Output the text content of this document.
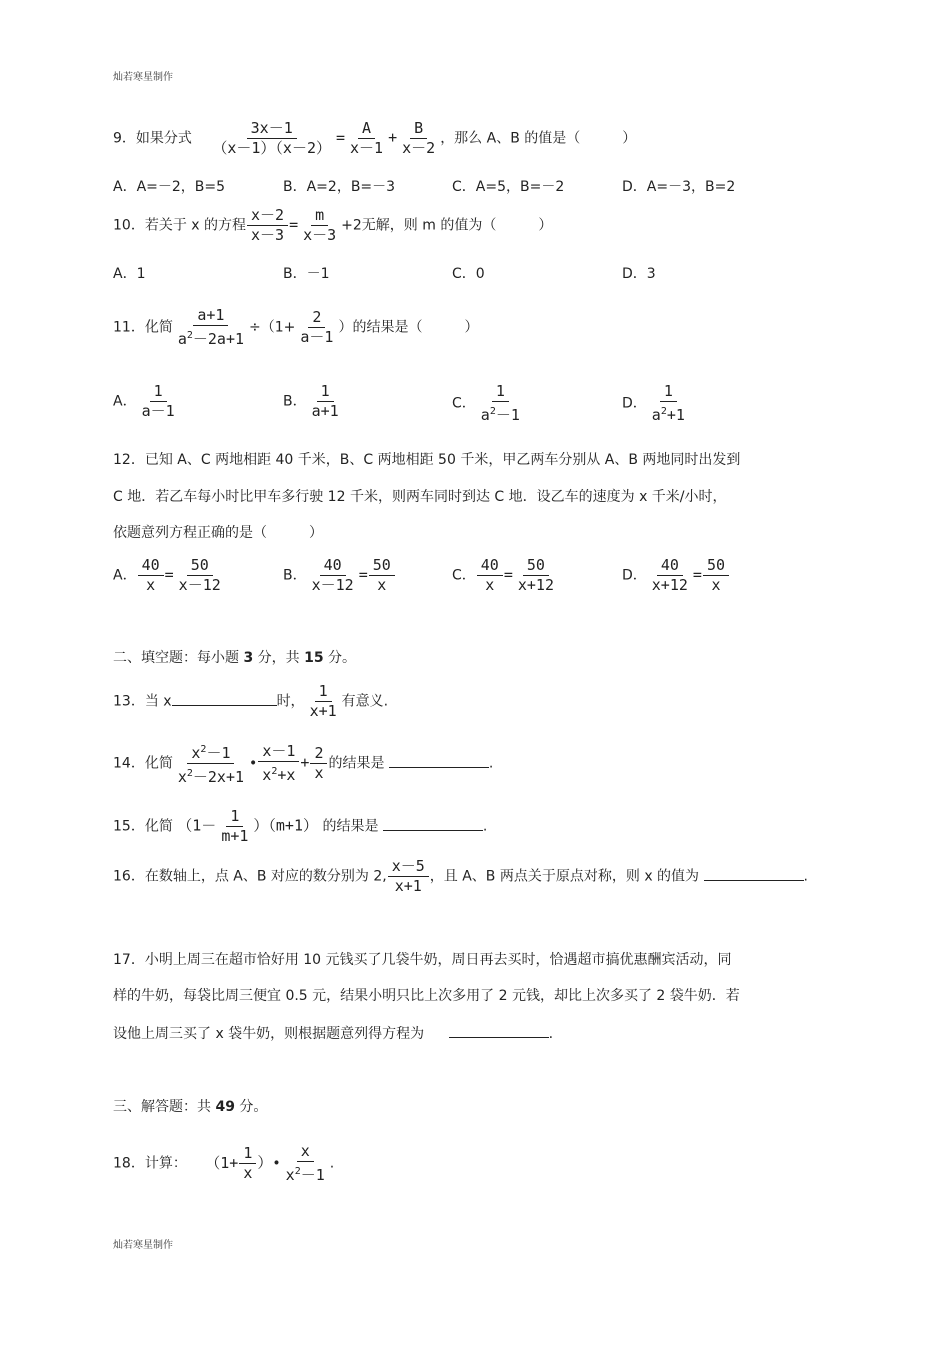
灿若寒星制作
9．如果分式 $\frac{3x-1}{(x-1)(x-2)} = \frac{A}{x-1} + \frac{B}{x-2}$ ，那么 A、B 的值是（　　　）
A．A=－2，B=5	B．A=2，B=－3	C．A=5，B=－2	D．A=－3，B=2
10．若关于 x 的方程 $\frac{x-2}{x-3} = \frac{m}{x-3} +2$无解，则 m 的值为（　　　）
A．1	B．－1	C．0	D．3
11．化简 $\frac{a+1}{a^2-2a+1} \div(1+ \frac{2}{a-1}$ ）的结果是（　　　）
A． $\frac{1}{a-1}$	B． $\frac{1}{a+1}$	C． $\frac{1}{a^2-1}$	D． $\frac{1}{a^2+1}$
12．已知 A、C 两地相距 40 千米，B、C 两地相距 50 千米，甲乙两车分别从 A、B 两地同时出发到
C 地．若乙车每小时比甲车多行驶 12 千米，则两车同时到达 C 地．设乙车的速度为 x 千米/小时，
依题意列方程正确的是（　　　）
A． $\frac{40}{x} = \frac{50}{x-12}$	B． $\frac{40}{x-12} = \frac{50}{x}$	C． $\frac{40}{x} = \frac{50}{x+12}$	D． $\frac{40}{x+12} = \frac{50}{x}$
二、填空题：每小题 3 分，共 15 分。
13．当 x	时， $\frac{1}{x+1}$ 有意义.
14．化简 $\frac{x^2-1}{x^2-2x+1}$ • $\frac{x-1}{x^2+x} + \frac{2}{x}$ 的结果是	.
15．化简 $(1- \frac{1}{m+1} )(m+1)$ 的结果是	.
16．在数轴上，点 A、B 对应的数分别为 2, $\frac{x-5}{x+1}$ ，且 A、B 两点关于原点对称，则 x 的值为	.
17．小明上周三在超市恰好用 10 元钱买了几袋牛奶，周日再去买时，恰遇超市搞优惠酬宾活动，同
样的牛奶，每袋比周三便宜 0.5 元，结果小明只比上次多用了 2 元钱，却比上次多买了 2 袋牛奶．若
设他上周三买了 x 袋牛奶，则根据题意列得方程为	.
三、解答题：共 49 分。
18．计算： （$1+ \frac{1}{x}$ ）• $\frac{x}{x^2-1}$ .
灿若寒星制作
